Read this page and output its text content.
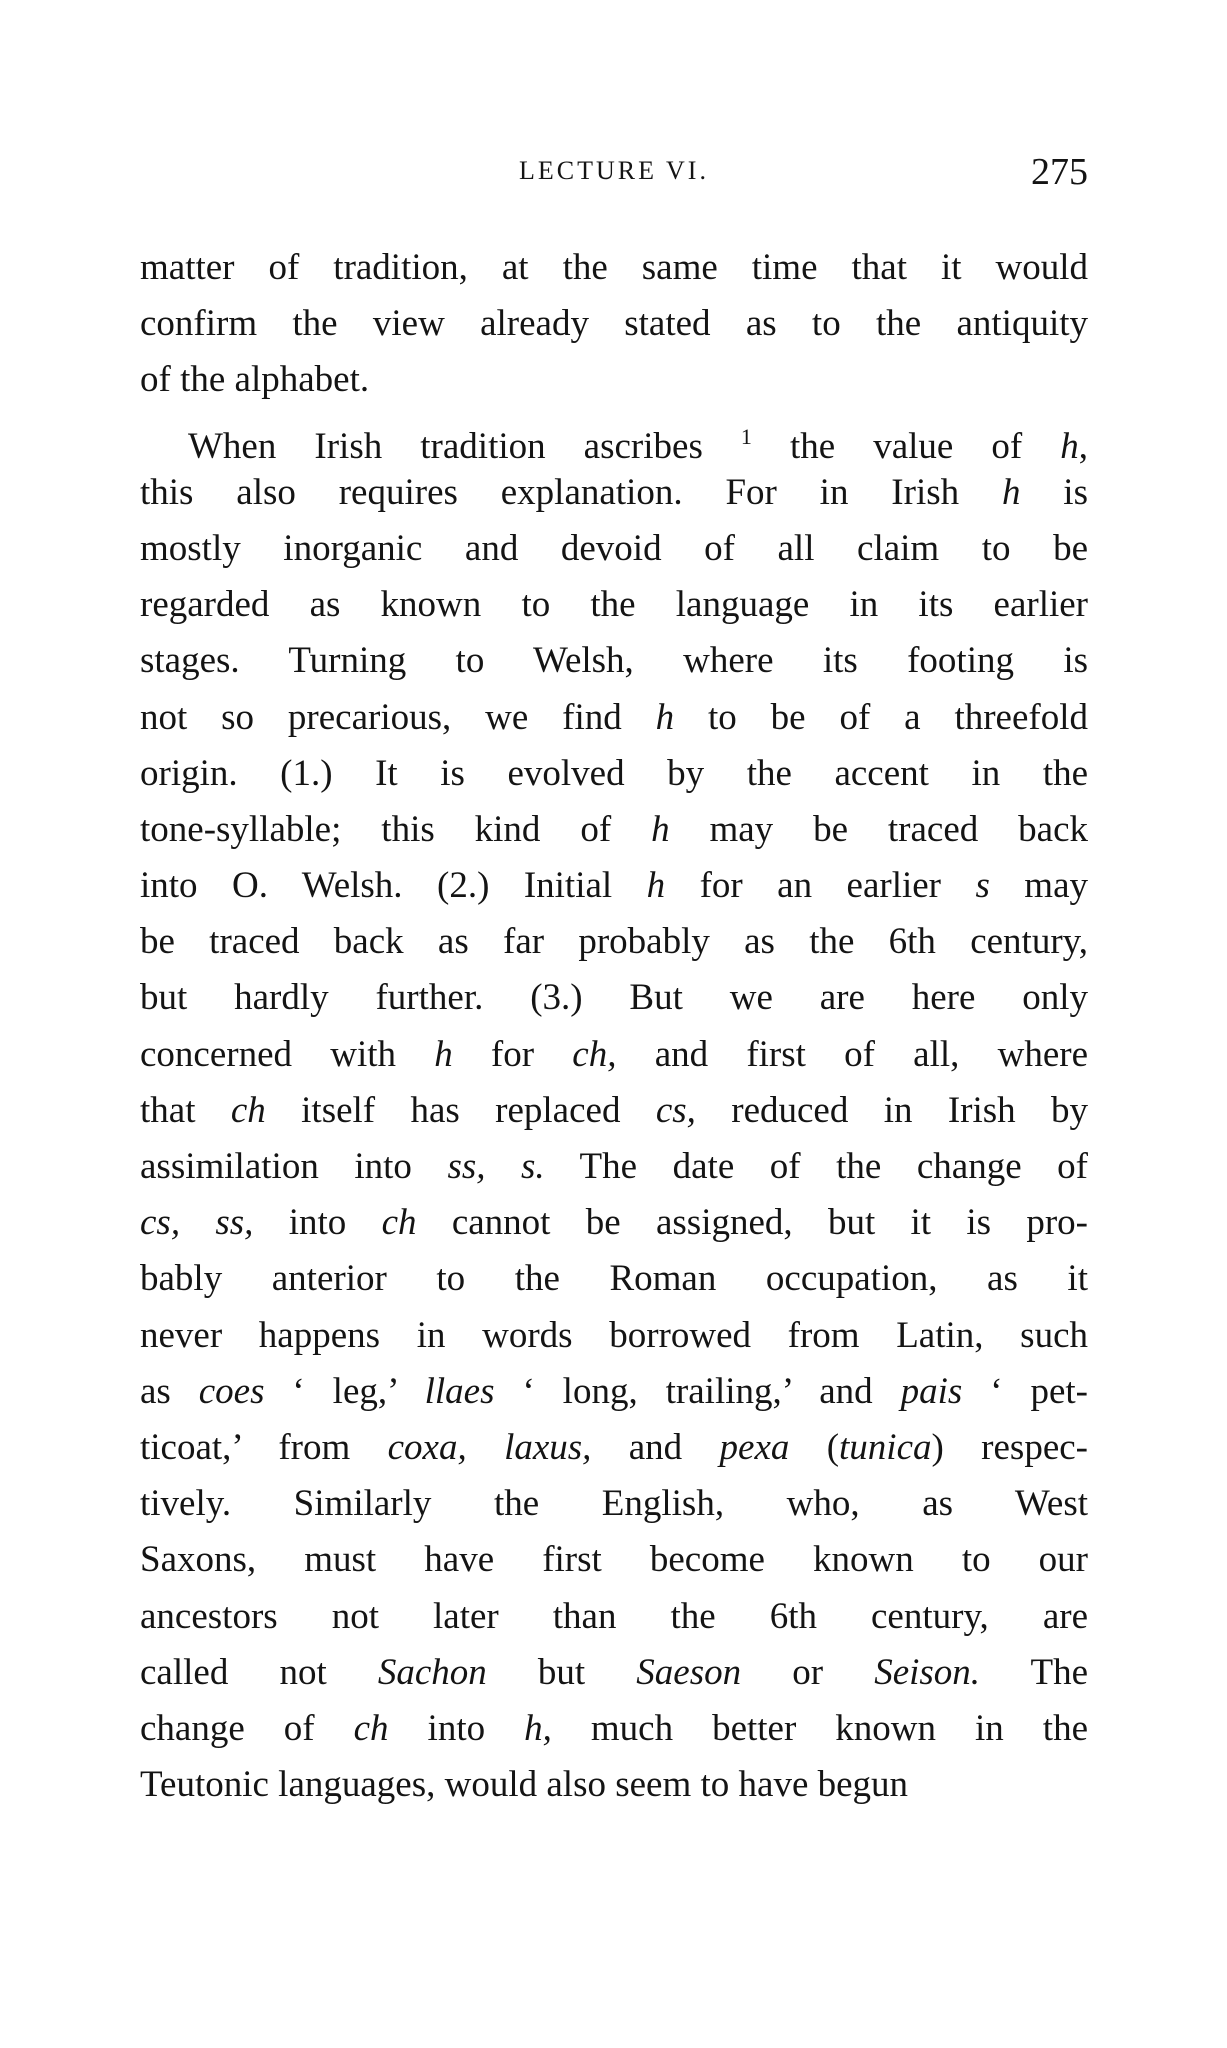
LECTURE VI.	275
matter of tradition, at the same time that it would
confirm the view already stated as to the antiquity
of the alphabet.
When Irish tradition ascribes $^1$ the value of h,
this also requires explanation. For in Irish h is
mostly inorganic and devoid of all claim to be
regarded as known to the language in its earlier
stages. Turning to Welsh, where its footing is
not so precarious, we find h to be of a threefold
origin. (1.) It is evolved by the accent in the
tone-syllable; this kind of h may be traced back
into O. Welsh. (2.) Initial h for an earlier s may
be traced back as far probably as the 6th century,
but hardly further. (3.) But we are here only
concerned with h for ch, and first of all, where
that ch itself has replaced cs, reduced in Irish by
assimilation into ss, s. The date of the change of
cs, ss, into ch cannot be assigned, but it is pro-
bably anterior to the Roman occupation, as it
never happens in words borrowed from Latin, such
as coes ‘ leg,’ llaes ‘ long, trailing,’ and pais ‘ pet-
ticoat,’ from coxa, laxus, and pexa (tunica) respec-
tively. Similarly the English, who, as West
Saxons, must have first become known to our
ancestors not later than the 6th century, are
called not Sachon but Saeson or Seison. The
change of ch into h, much better known in the
Teutonic languages, would also seem to have begun
